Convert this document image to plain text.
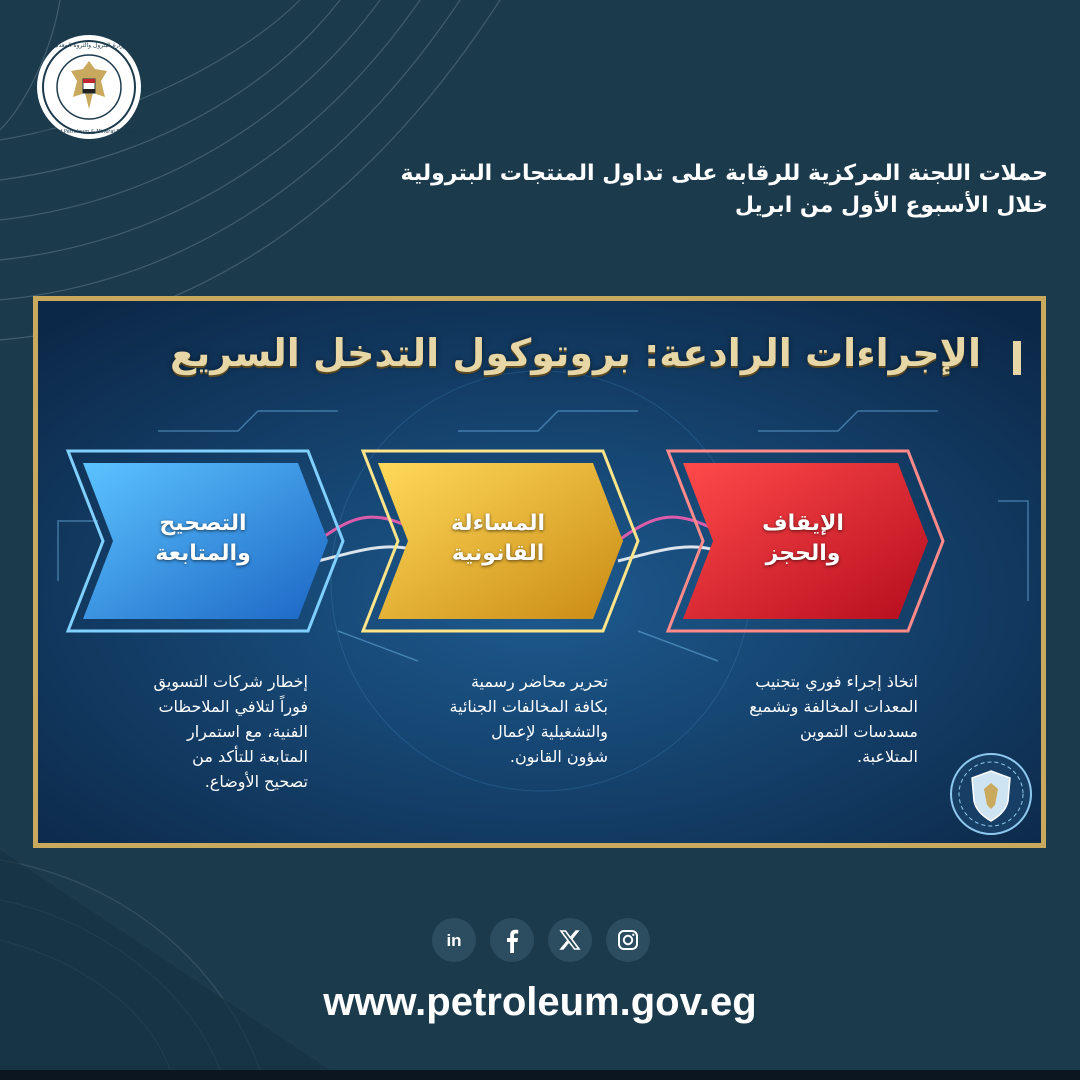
وزارة البترول والثروة المعدنية
Ministry of Petroleum & Mineral Resources
حملات اللجنة المركزية للرقابة على تداول المنتجات البترولية
خلال الأسبوع الأول من ابريل
الإجراءات الرادعة: بروتوكول التدخل السريع
الإيقاف
والحجز
المساءلة
القانونية
التصحيح
والمتابعة
اتخاذ إجراء فوري بتجنيب
المعدات المخالفة وتشميع
مسدسات التموين
المتلاعبة.
تحرير محاضر رسمية
بكافة المخالفات الجنائية
والتشغيلية لإعمال
شؤون القانون.
إخطار شركات التسويق
فوراً لتلافي الملاحظات
الفنية، مع استمرار
المتابعة للتأكد من
تصحيح الأوضاع.
in
www.petroleum.gov.eg
